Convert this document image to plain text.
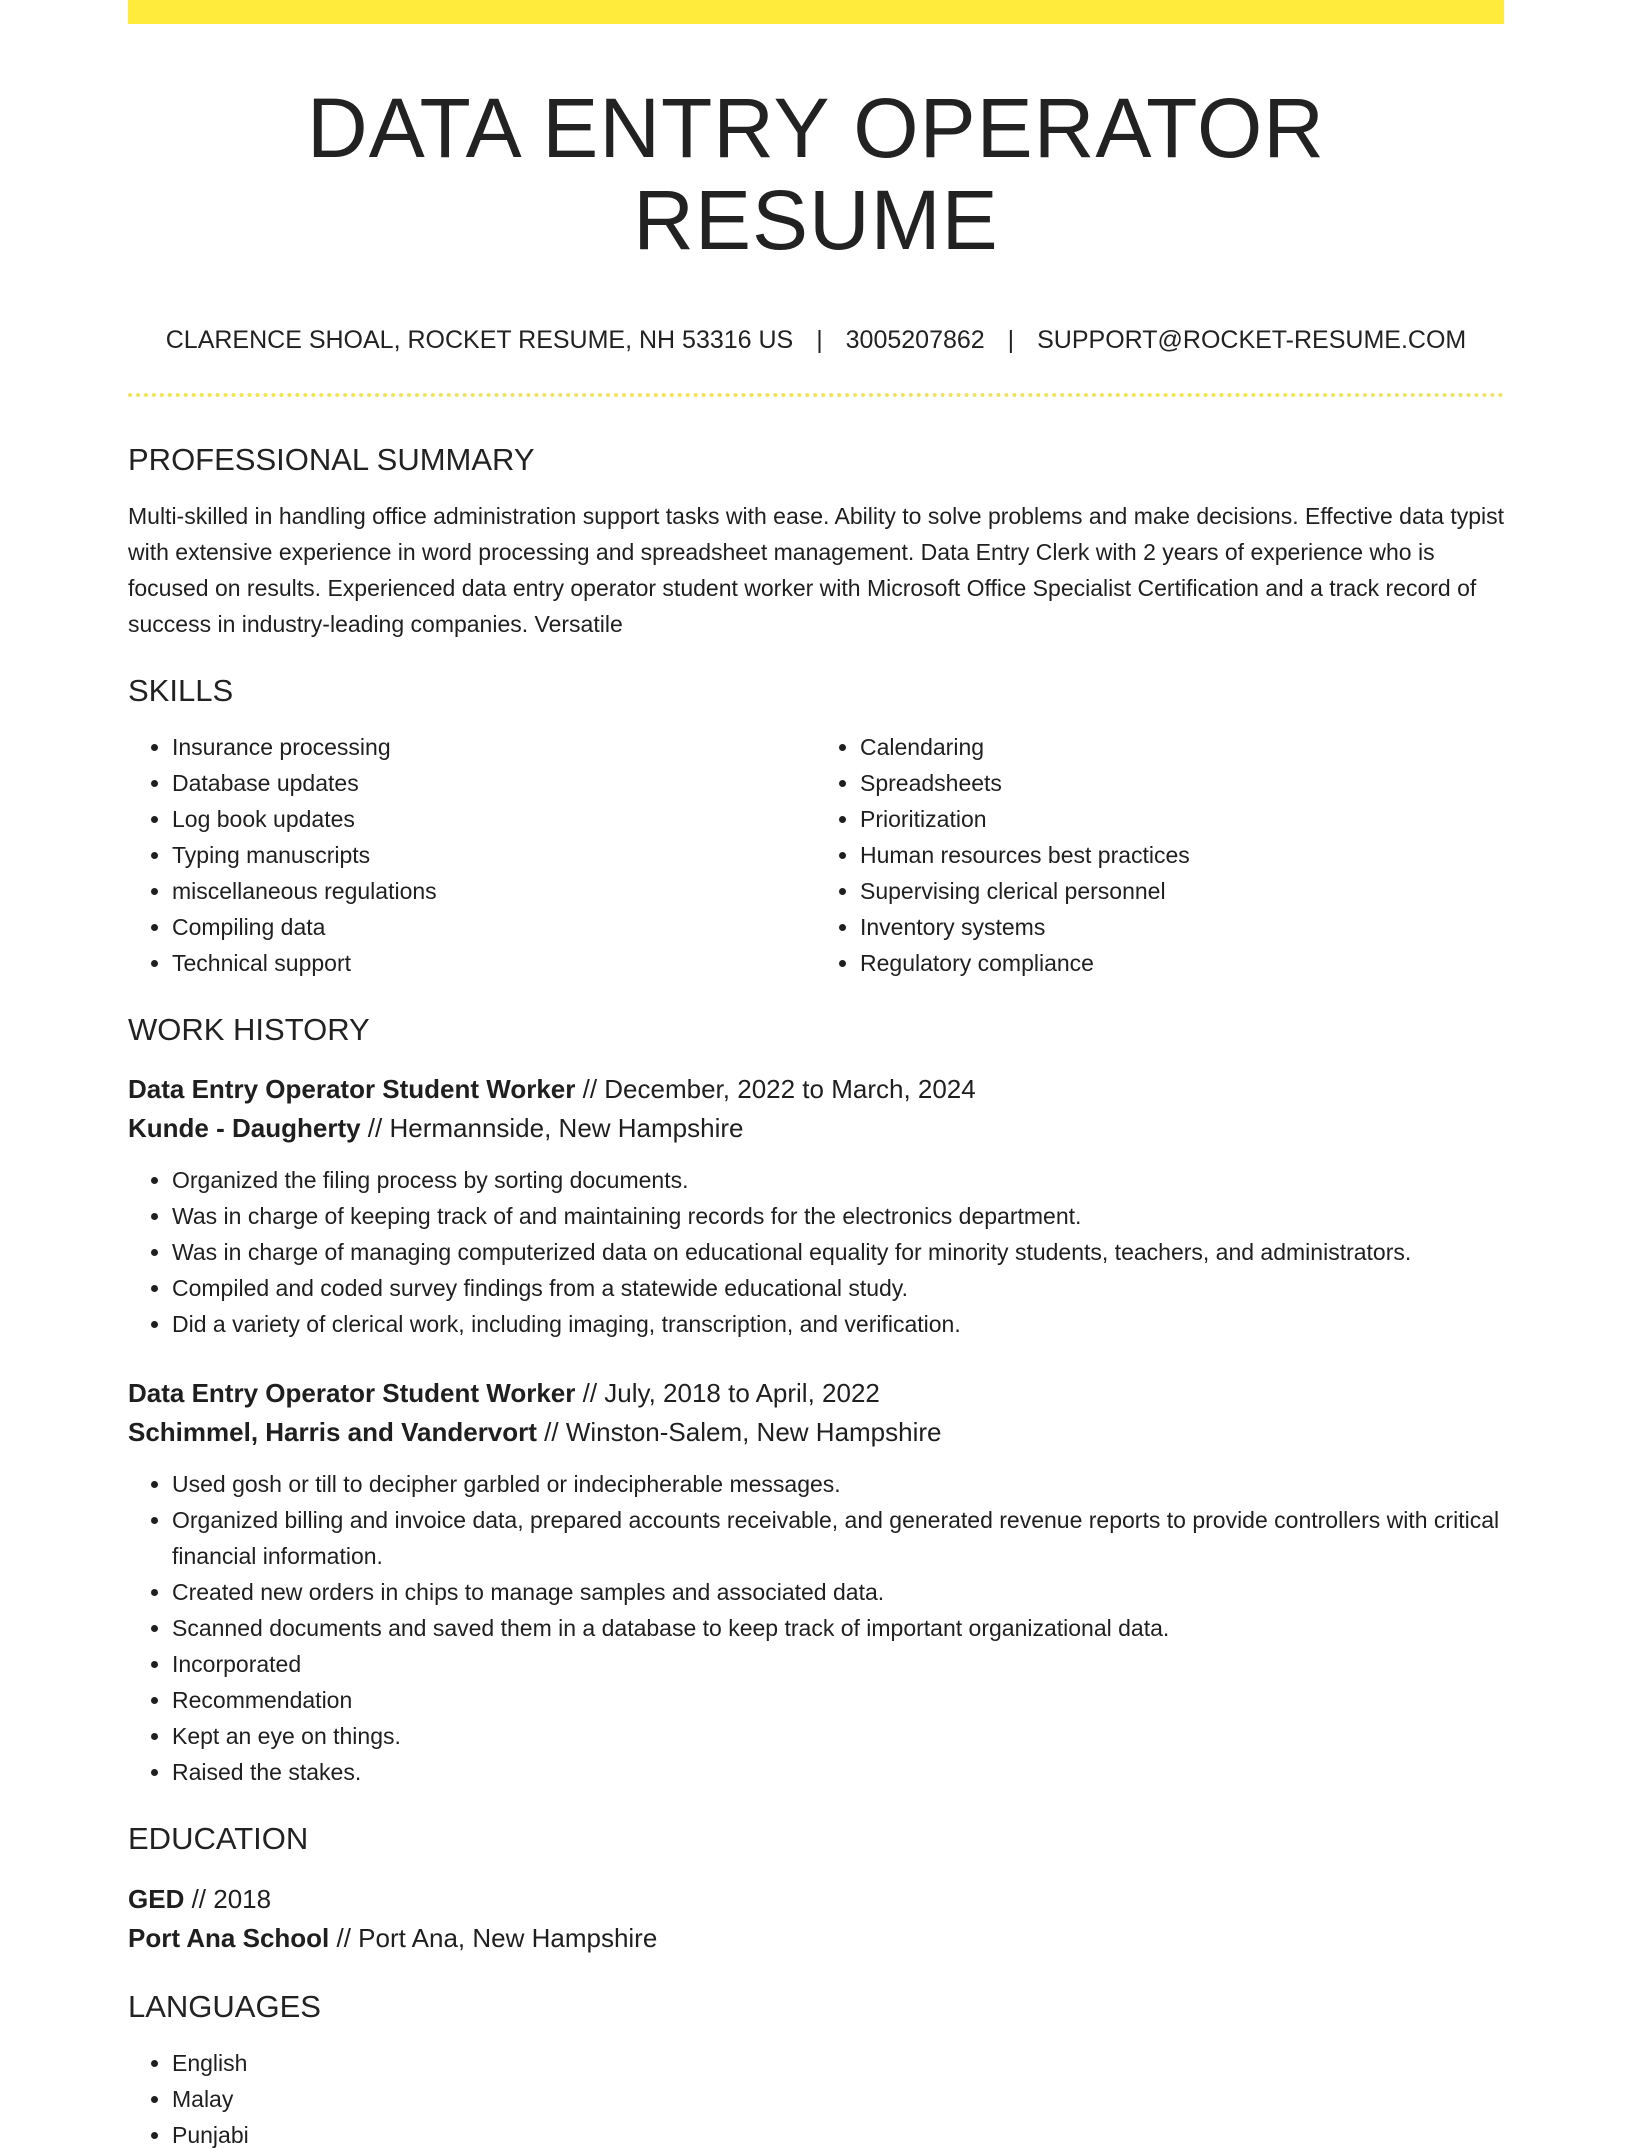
DATA ENTRY OPERATOR RESUME
CLARENCE SHOAL, ROCKET RESUME, NH 53316 US | 3005207862 | SUPPORT@ROCKET-RESUME.COM
PROFESSIONAL SUMMARY

Multi-skilled in handling office administration support tasks with ease. Ability to solve problems and make decisions. Effective data typist with extensive experience in word processing and spreadsheet management. Data Entry Clerk with 2 years of experience who is focused on results. Experienced data entry operator student worker with Microsoft Office Specialist Certification and a track record of success in industry-leading companies. Versatile

SKILLS
• Insurance processing
• Database updates
• Log book updates
• Typing manuscripts
• miscellaneous regulations
• Compiling data
• Technical support
• Calendaring
• Spreadsheets
• Prioritization
• Human resources best practices
• Supervising clerical personnel
• Inventory systems
• Regulatory compliance
WORK HISTORY

Data Entry Operator Student Worker // December, 2022 to March, 2024

Kunde - Daugherty // Hermannside, New Hampshire

• Organized the filing process by sorting documents.
• Was in charge of keeping track of and maintaining records for the electronics department.
• Was in charge of managing computerized data on educational equality for minority students, teachers, and administrators.
• Compiled and coded survey findings from a statewide educational study.
• Did a variety of clerical work, including imaging, transcription, and verification.

Data Entry Operator Student Worker // July, 2018 to April, 2022

Schimmel, Harris and Vandervort // Winston-Salem, New Hampshire

• Used gosh or till to decipher garbled or indecipherable messages.
• Organized billing and invoice data, prepared accounts receivable, and generated revenue reports to provide controllers with critical financial information.
• Created new orders in chips to manage samples and associated data.
• Scanned documents and saved them in a database to keep track of important organizational data.
• Incorporated
• Recommendation
• Kept an eye on things.
• Raised the stakes.
EDUCATION

GED // 2018

Port Ana School // Port Ana, New Hampshire

LANGUAGES
• English
• Malay
• Punjabi
